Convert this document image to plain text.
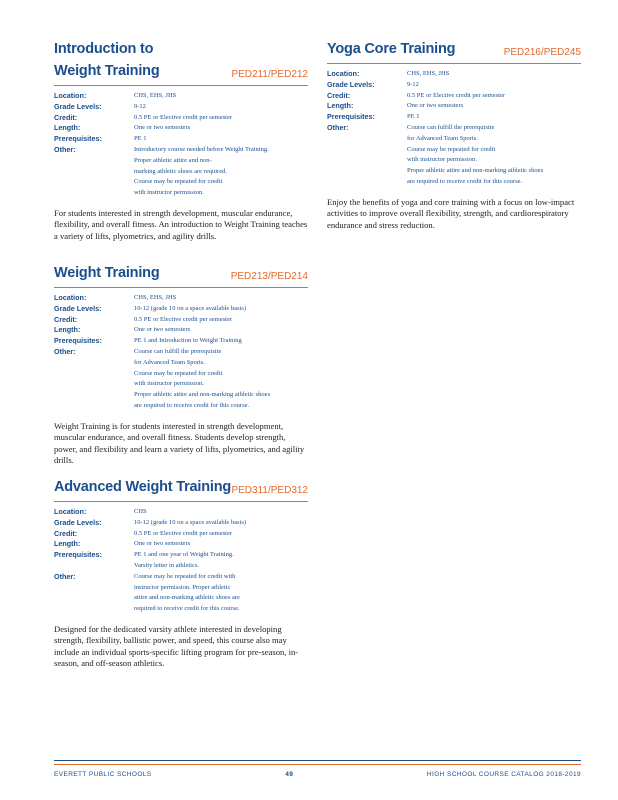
Introduction to
Weight Training	PED211/PED212
Location:	CHS, EHS, JHS
Grade Levels:	9-12
Credit:	0.5 PE or Elective credit per semester
Length:	One or two semesters
Prerequisites:	PE 1
Other:	Introductory course needed before Weight Training.
Proper athletic attire and non-
marking athletic shoes are required.
Course may be repeated for credit
with instructor permission.
For students interested in strength development, muscular endurance, flexibility, and overall fitness. An introduction to Weight Training teaches a variety of lifts, plyometrics, and agility drills.
Weight Training	PED213/PED214
Location:	CHS, EHS, JHS
Grade Levels:	10-12 (grade 10 on a space available basis)
Credit:	0.5 PE or Elective credit per semester
Length:	One or two semesters
Prerequisites:	PE 1 and Introduction to Weight Training
Other:	Course can fulfill the prerequisite
for Advanced Team Sports.
Course may be repeated for credit
with instructor permission.
Proper athletic attire and non-marking athletic shoes
are required to receive credit for this course.
Weight Training is for students interested in strength development, muscular endurance, and overall fitness. Students develop strength, power, and flexibility and learn a variety of lifts, plyometrics, and agility drills.
Advanced Weight Training PED311/PED312
Location:	CHS
Grade Levels:	10-12 (grade 10 on a space available basis)
Credit:	0.5 PE or Elective credit per semester
Length:	One or two semesters
Prerequisites:	PE 1 and one year of Weight Training.
Varsity letter in athletics.
Other:	Course may be repeated for credit with
instructor permission. Proper athletic
attire and non-marking athletic shoes are
required to receive credit for this course.
Designed for the dedicated varsity athlete interested in developing strength, flexibility, ballistic power, and speed, this course also may include an individual sports-specific lifting program for pre-season, in-season, and off-season athletics.
Yoga Core Training	PED216/PED245
Location:	CHS, EHS, JHS
Grade Levels:	9-12
Credit:	0.5 PE or Elective credit per semester
Length:	One or two semesters
Prerequisites:	PE 1
Other:	Course can fulfill the prerequisite
for Advanced Team Sports.
Course may be repeated for credit
with instructor permission.
Proper athletic attire and non-marking athletic shoes
are required to receive credit for this course.
Enjoy the benefits of yoga and core training with a focus on low-impact activities to improve overall flexibility, strength, and cardiorespiratory endurance and stress reduction.
EVERETT PUBLIC SCHOOLS	49	HIGH SCHOOL COURSE CATALOG 2018-2019
